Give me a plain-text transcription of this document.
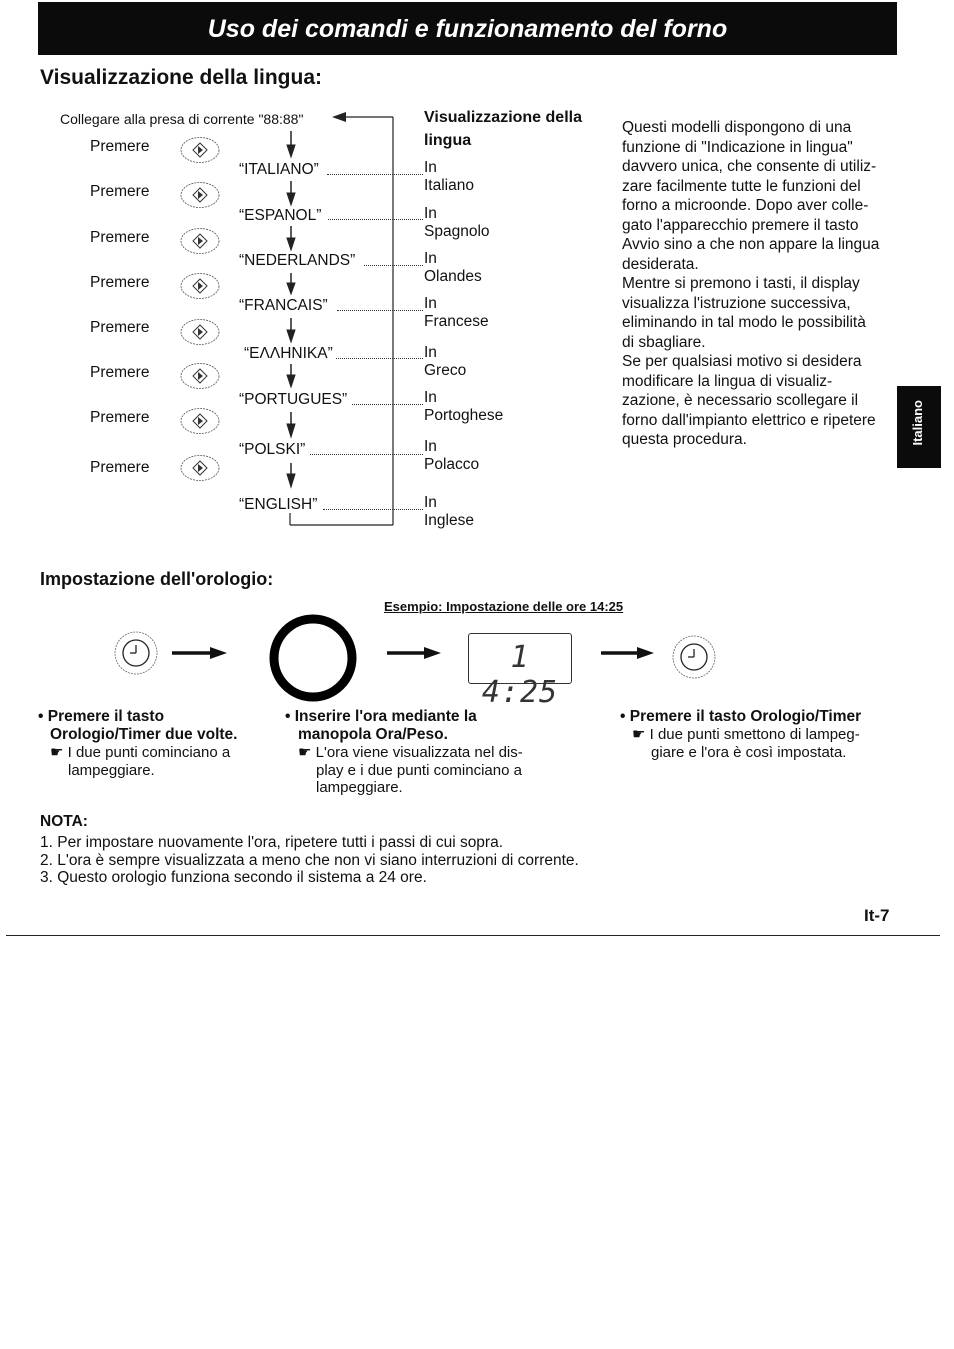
Uso dei comandi e funzionamento del forno
Visualizzazione della lingua:
Collegare alla presa di corrente "88:88"	Visualizzazione della
lingua
Premere
“ITALIANO”	In Italiano
Premere
“ESPANOL”	In Spagnolo
Premere
“NEDERLANDS”	In Olandes
Premere
“FRANCAIS”	In Francese
Premere
“EΛΛHNIKA”	In Greco
Premere
“PORTUGUES”	In Portoghese
Premere
“POLSKI”	In Polacco
Premere
“ENGLISH”	In Inglese
Questi modelli dispongono di una
funzione di "Indicazione in lingua"
davvero unica, che consente di utiliz-
zare facilmente tutte le funzioni del
forno a microonde. Dopo aver colle-
gato l'apparecchio premere il tasto
Avvio sino a che non appare la lingua
desiderata.
Mentre si premono i tasti, il display
visualizza l'istruzione successiva,
eliminando in tal modo le possibilità
di sbagliare.
Se per qualsiasi motivo si desidera
modificare la lingua di visualiz-
zazione, è necessario scollegare il
forno dall'impianto elettrico e ripetere
questa procedura.	Italiano
Impostazione dell'orologio:
Esempio: Impostazione delle ore 14:25
1 4:25
• Premere il tasto
Orologio/Timer due volte.
☛ I due punti cominciano a
lampeggiare.
• Inserire l'ora mediante la
manopola Ora/Peso.
☛ L'ora viene visualizzata nel dis-
play e i due punti cominciano a
lampeggiare.
• Premere il tasto Orologio/Timer
☛ I due punti smettono di lampeg-
giare e l'ora è così impostata.
NOTA:
1. Per impostare nuovamente l'ora, ripetere tutti i passi di cui sopra.
2. L'ora è sempre visualizzata a meno che non vi siano interruzioni di corrente.
3. Questo orologio funziona secondo il sistema a 24 ore.
It-7
